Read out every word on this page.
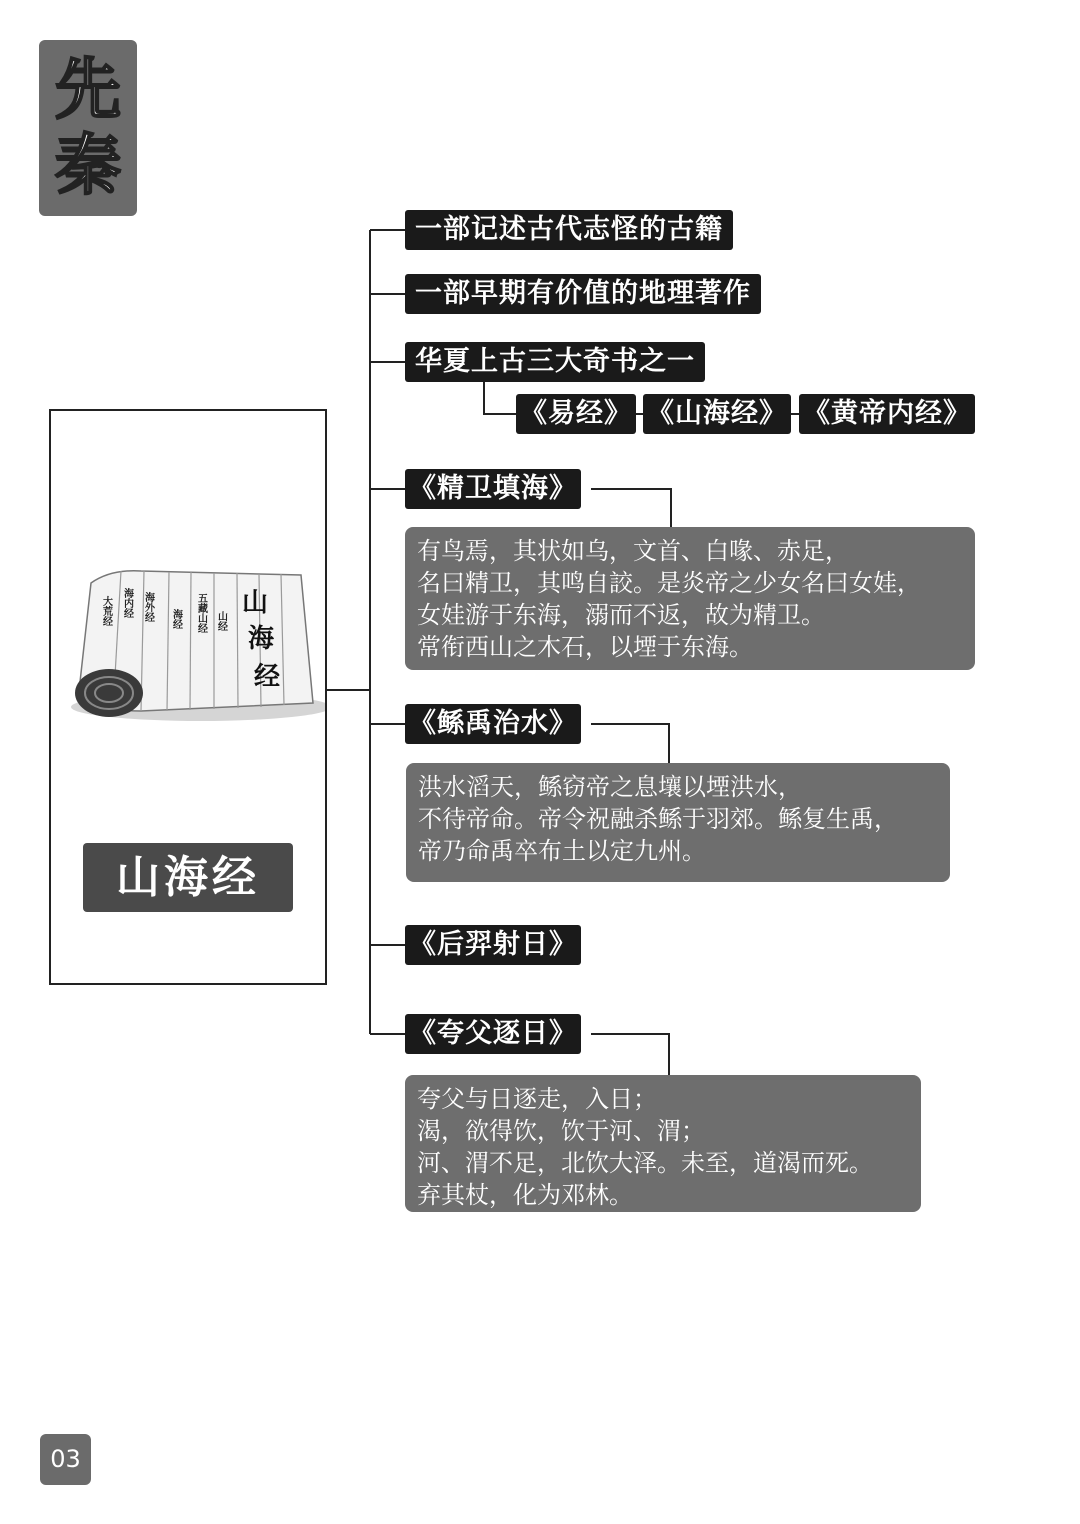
先
秦
大荒经 海内经 海外经 海经 五藏山经 山经
山
海
经
山海经
一部记述古代志怪的古籍
一部早期有价值的地理著作
华夏上古三大奇书之一
《易经》 《山海经》 《黄帝内经》
《精卫填海》
有鸟焉，其状如乌，文首、白喙、赤足，
名曰精卫，其鸣自詨。是炎帝之少女名曰女娃，
女娃游于东海，溺而不返，故为精卫。
常衔西山之木石，以堙于东海。
《鲧禹治水》
洪水滔天，鲧窃帝之息壤以堙洪水，
不待帝命。帝令祝融杀鲧于羽郊。鲧复生禹，
帝乃命禹卒布土以定九州。
《后羿射日》
《夸父逐日》
夸父与日逐走，入日；
渴，欲得饮，饮于河、渭；
河、渭不足，北饮大泽。未至，道渴而死。
弃其杖，化为邓林。
03
